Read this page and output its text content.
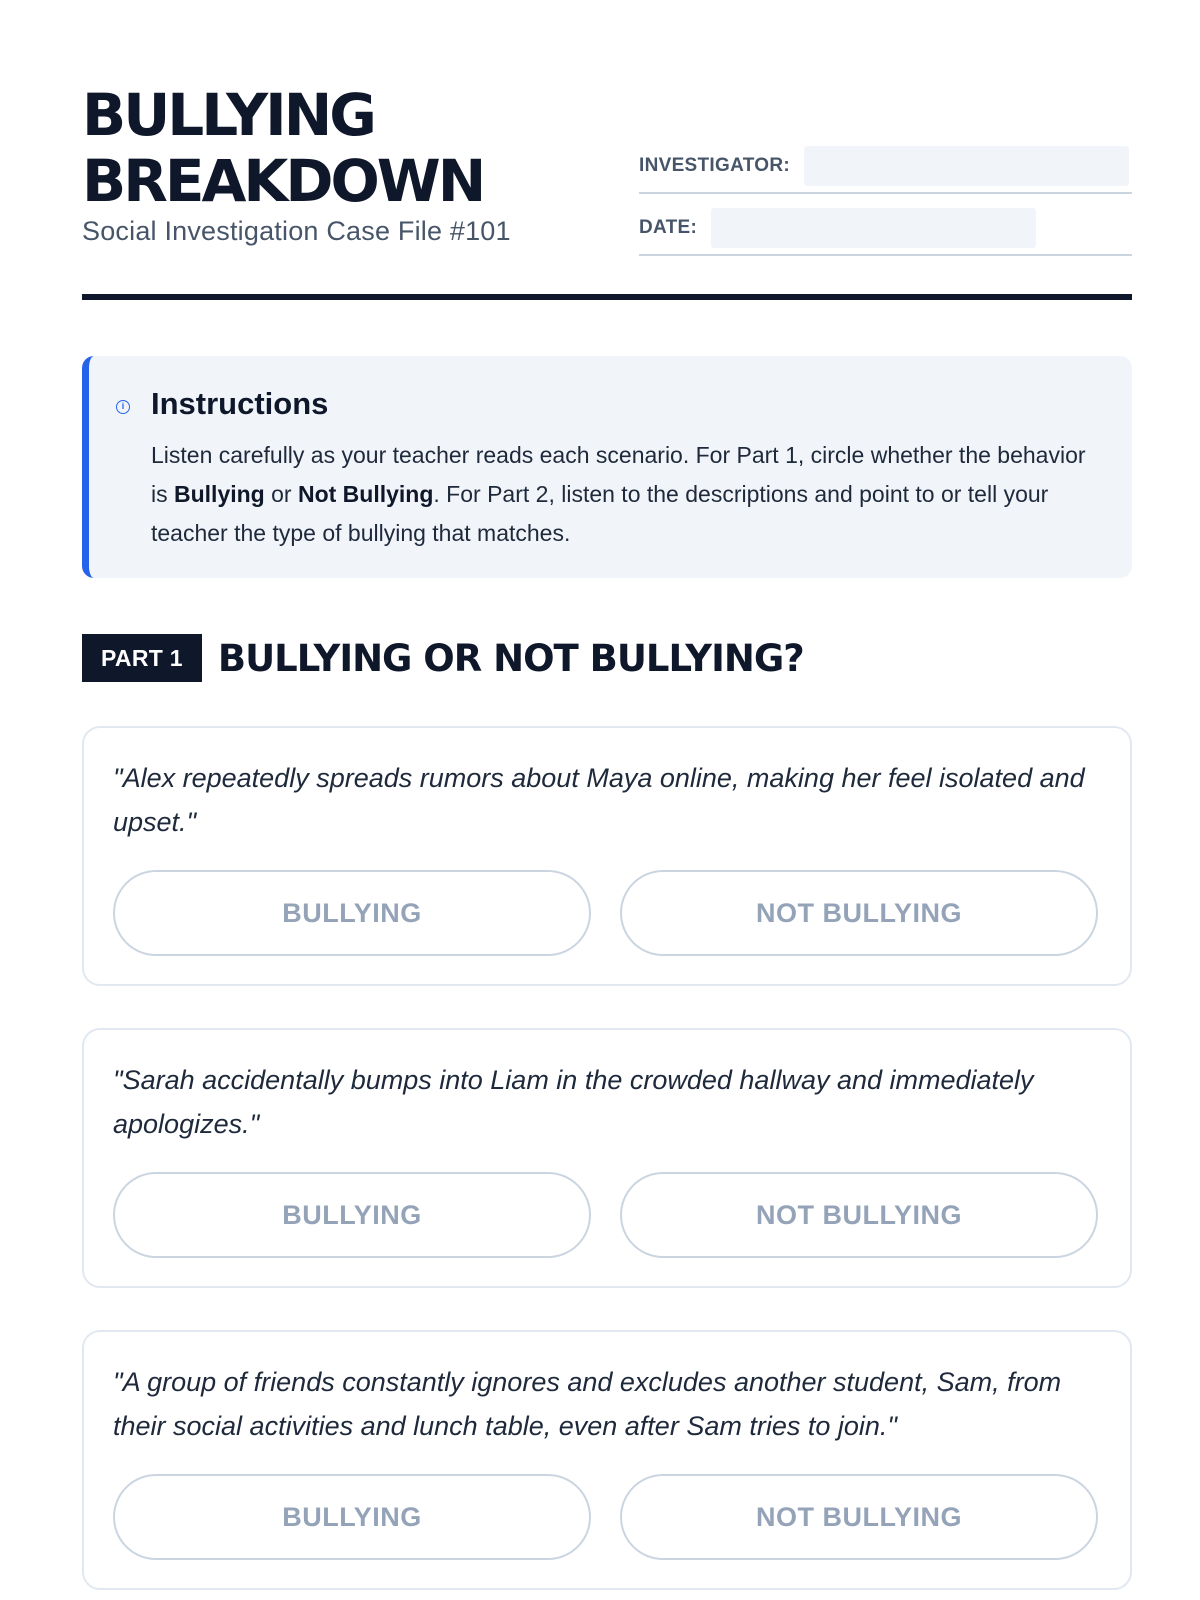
BULLYING
BREAKDOWN
Social Investigation Case File #101
INVESTIGATOR:
DATE:
i Instructions
Listen carefully as your teacher reads each scenario. For Part 1, circle whether the behavior is Bullying or Not Bullying. For Part 2, listen to the descriptions and point to or tell your teacher the type of bullying that matches.
PART 1 BULLYING OR NOT BULLYING?
"Alex repeatedly spreads rumors about Maya online, making her feel isolated and upset."
BULLYING	NOT BULLYING
"Sarah accidentally bumps into Liam in the crowded hallway and immediately apologizes."
BULLYING	NOT BULLYING
"A group of friends constantly ignores and excludes another student, Sam, from their social activities and lunch table, even after Sam tries to join."
BULLYING	NOT BULLYING
